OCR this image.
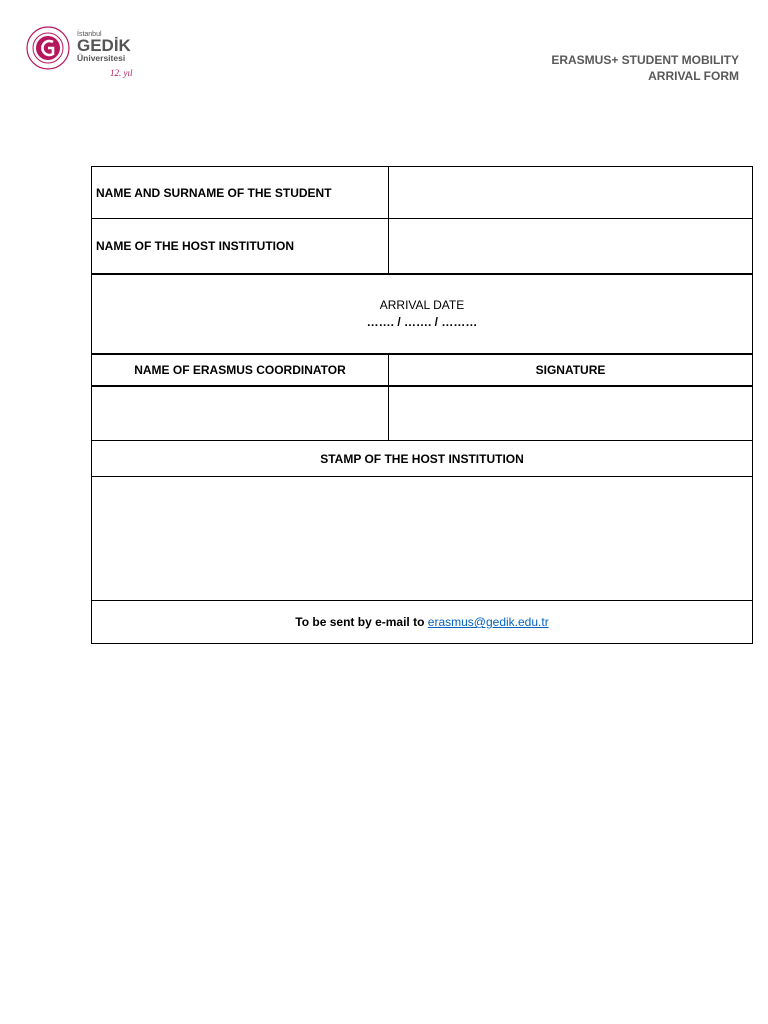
İstanbul
GEDİK
Üniversitesi
12. yıl
ERASMUS+ STUDENT MOBILITY
ARRIVAL FORM
NAME AND SURNAME OF THE STUDENT
NAME OF THE HOST INSTITUTION
ARRIVAL DATE
……. / ……. / ………
NAME OF ERASMUS COORDINATOR	SIGNATURE
STAMP OF THE HOST INSTITUTION
To be sent by e-mail to
erasmus@gedik.edu.tr
